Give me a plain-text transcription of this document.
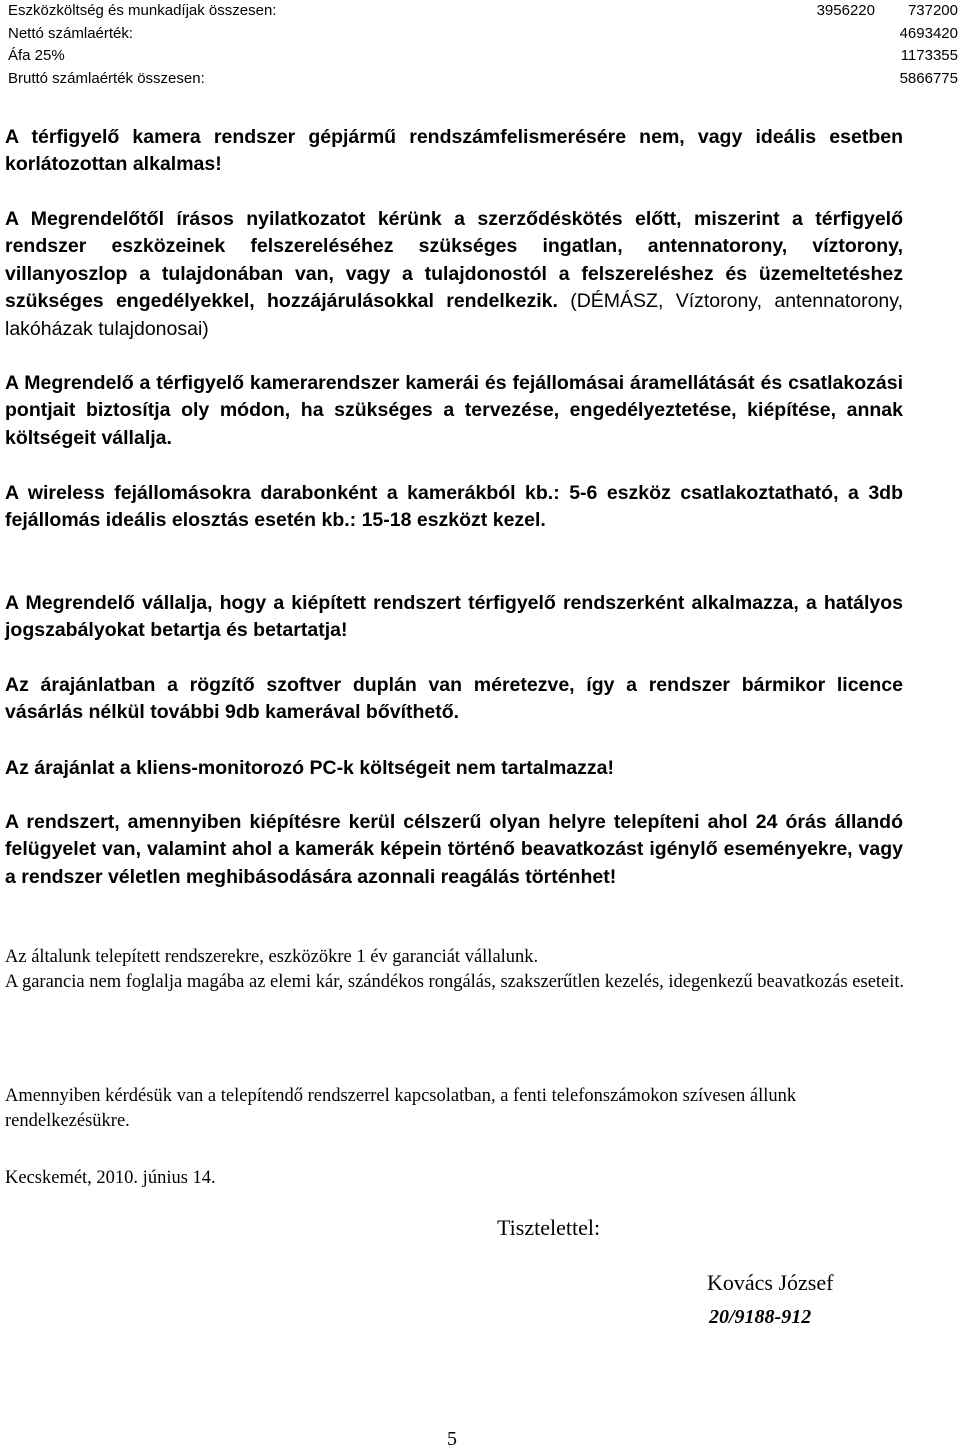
Eszközköltség és munkadíjak összesen:	3956220 737200
Nettó számlaérték:	4693420
Áfa 25%	1173355
Bruttó számlaérték összesen:	5866775

A térfigyelő kamera rendszer gépjármű rendszámfelismerésére nem, vagy ideális esetben korlátozottan alkalmas!

A Megrendelőtől írásos nyilatkozatot kérünk a szerződéskötés előtt, miszerint a térfigyelő rendszer eszközeinek felszereléséhez szükséges ingatlan, antennatorony, víztorony, villanyoszlop a tulajdonában van, vagy a tulajdonostól a felszereléshez és üzemeltetéshez szükséges engedélyekkel, hozzájárulásokkal rendelkezik. (DÉMÁSZ, Víztorony, antennatorony, lakóházak tulajdonosai)

A Megrendelő a térfigyelő kamerarendszer kamerái és fejállomásai áramellátását és csatlakozási pontjait biztosítja oly módon, ha szükséges a tervezése, engedélyeztetése, kiépítése, annak költségeit vállalja.

A wireless fejállomásokra darabonként a kamerákból kb.: 5-6 eszköz csatlakoztatható, a 3db fejállomás ideális elosztás esetén kb.: 15-18 eszközt kezel.

A Megrendelő vállalja, hogy a kiépített rendszert térfigyelő rendszerként alkalmazza, a hatályos jogszabályokat betartja és betartatja!

Az árajánlatban a rögzítő szoftver duplán van méretezve, így a rendszer bármikor licence vásárlás nélkül további 9db kamerával bővíthető.

Az árajánlat a kliens-monitorozó PC-k költségeit nem tartalmazza!

A rendszert, amennyiben kiépítésre kerül célszerű olyan helyre telepíteni ahol 24 órás állandó felügyelet van, valamint ahol a kamerák képein történő beavatkozást igénylő eseményekre, vagy a rendszer véletlen meghibásodására azonnali reagálás történhet!

Az általunk telepített rendszerekre, eszközökre 1 év garanciát vállalunk.
A garancia nem foglalja magába az elemi kár, szándékos rongálás, szakszerűtlen kezelés, idegenkezű beavatkozás eseteit.

Amennyiben kérdésük van a telepítendő rendszerrel kapcsolatban, a fenti telefonszámokon szívesen állunk rendelkezésükre.

Kecskemét, 2010. június 14.

Tisztelettel:
Kovács József
20/9188-912
5
